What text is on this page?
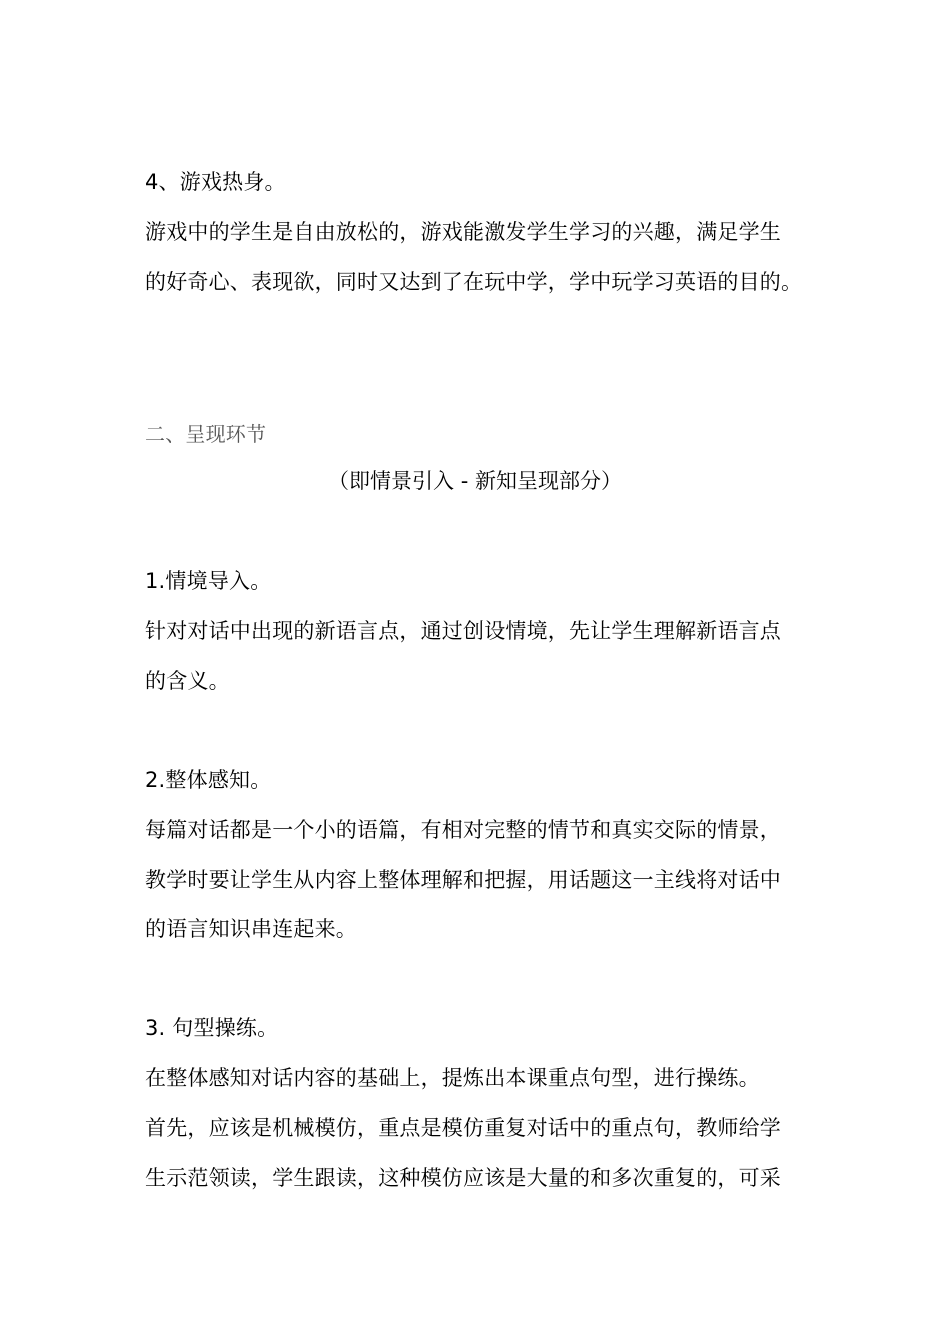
4、游戏热身。
游戏中的学生是自由放松的，游戏能激发学生学习的兴趣，满足学生
的好奇心、表现欲，同时又达到了在玩中学，学中玩学习英语的目的。
二、呈现环节
（即情景引入 - 新知呈现部分）
1.情境导入。
针对对话中出现的新语言点，通过创设情境，先让学生理解新语言点
的含义。
2.整体感知。
每篇对话都是一个小的语篇，有相对完整的情节和真实交际的情景，
教学时要让学生从内容上整体理解和把握，用话题这一主线将对话中
的语言知识串连起来。
3. 句型操练。
在整体感知对话内容的基础上，提炼出本课重点句型，进行操练。
首先，应该是机械模仿，重点是模仿重复对话中的重点句，教师给学
生示范领读，学生跟读，这种模仿应该是大量的和多次重复的，可采
